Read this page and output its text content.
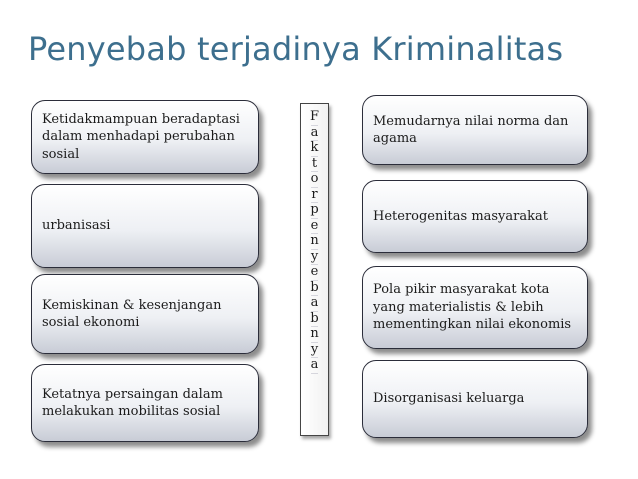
Penyebab terjadinya Kriminalitas
Ketidakmampuan beradaptasi dalam menhadapi perubahan sosial
urbanisasi
Kemiskinan & kesenjangan sosial ekonomi
Ketatnya persaingan dalam melakukan mobilitas sosial
F
a
k
t
o
r
p
e
n
y
e
b
a
b
n
y
a
Memudarnya nilai norma dan agama
Heterogenitas masyarakat
Pola pikir masyarakat kota yang materialistis & lebih mementingkan nilai ekonomis
Disorganisasi keluarga
